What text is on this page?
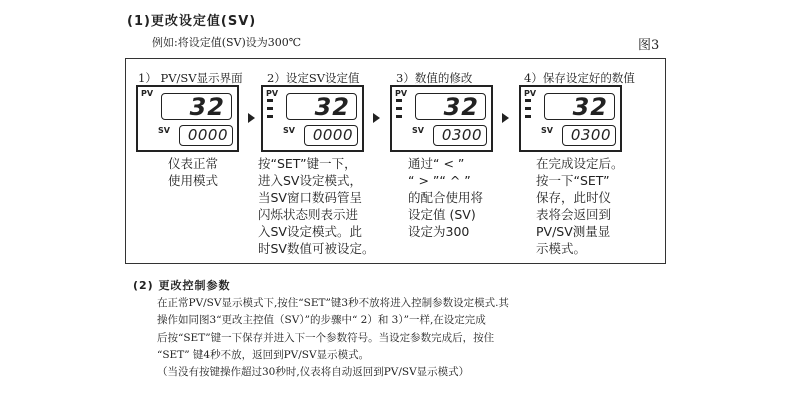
(1)更改设定值(SV)
例如:将设定值(SV)设为300℃	图3
1） PV/SV显示界面
PV 32
SV 0000
2）设定SV设定值
PV 32
SV 0000
3）数值的修改
PV 32
SV 0300
4）保存设定好的数值
PV 32
SV 0300
仪表正常
使用模式
按“SET”键一下，
进入SV设定模式，
当SV窗口数码管呈
闪烁状态则表示进
入SV设定模式。此
时SV数值可被设定。
通过“ < ”
“ > ”“ ^ ”
的配合使用将
设定值 (SV)
设定为300
在完成设定后。
按一下“SET”
保存，此时仪
表将会返回到
PV/SV测量显
示模式。
(2) 更改控制参数
在正常PV/SV显示模式下,按住“SET”键3秒不放将进入控制参数设定模式.其
操作如同图3“更改主控值（SV）”的步骤中“ 2）和 3）”一样,在设定完成
后按“SET”键一下保存并进入下一个参数符号。当设定参数完成后，按住
“SET” 键4秒不放，返回到PV/SV显示模式。
（当没有按键操作超过30秒时,仪表将自动返回到PV/SV显示模式）
